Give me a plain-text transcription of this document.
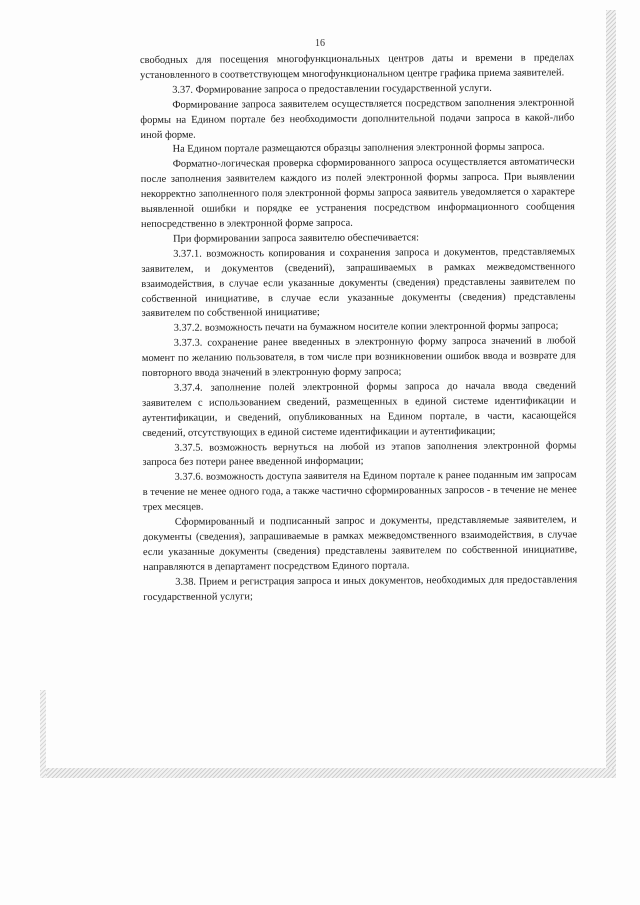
16

свободных для посещения многофункциональных центров даты и времени в пределах установленного в соответствующем многофункциональном центре графика приема заявителей.

3.37. Формирование запроса о предоставлении государственной услуги.

Формирование запроса заявителем осуществляется посредством заполнения электронной формы на Едином портале без необходимости дополнительной подачи запроса в какой-либо иной форме.

На Едином портале размещаются образцы заполнения электронной формы запроса.

Форматно-логическая проверка сформированного запроса осуществляется автоматически после заполнения заявителем каждого из полей электронной формы запроса. При выявлении некорректно заполненного поля электронной формы запроса заявитель уведомляется о характере выявленной ошибки и порядке ее устранения посредством информационного сообщения непосредственно в электронной форме запроса.

При формировании запроса заявителю обеспечивается:

3.37.1. возможность копирования и сохранения запроса и документов, представляемых заявителем, и документов (сведений), запрашиваемых в рамках межведомственного взаимодействия, в случае если указанные документы (сведения) представлены заявителем по собственной инициативе, в случае если указанные документы (сведения) представлены заявителем по собственной инициативе;

3.37.2. возможность печати на бумажном носителе копии электронной формы запроса;

3.37.3. сохранение ранее введенных в электронную форму запроса значений в любой момент по желанию пользователя, в том числе при возникновении ошибок ввода и возврате для повторного ввода значений в электронную форму запроса;

3.37.4. заполнение полей электронной формы запроса до начала ввода сведений заявителем с использованием сведений, размещенных в единой системе идентификации и аутентификации, и сведений, опубликованных на Едином портале, в части, касающейся сведений, отсутствующих в единой системе идентификации и аутентификации;

3.37.5. возможность вернуться на любой из этапов заполнения электронной формы запроса без потери ранее введенной информации;

3.37.6. возможность доступа заявителя на Едином портале к ранее поданным им запросам в течение не менее одного года, а также частично сформированных запросов - в течение не менее трех месяцев.

Сформированный и подписанный запрос и документы, представляемые заявителем, и документы (сведения), запрашиваемые в рамках межведомственного взаимодействия, в случае если указанные документы (сведения) представлены заявителем по собственной инициативе, направляются в департамент посредством Единого портала.

3.38. Прием и регистрация запроса и иных документов, необходимых для предоставления государственной услуги;
